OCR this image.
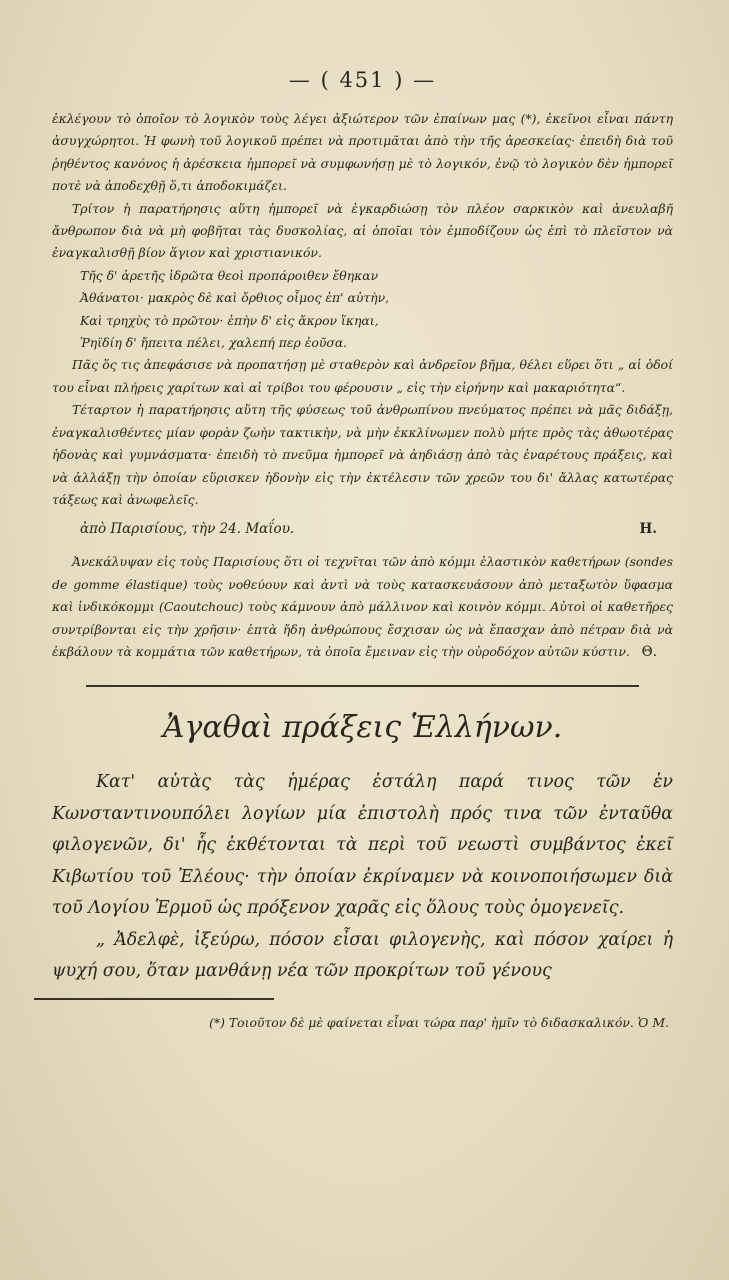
— ( 451 ) —

ἐκλέγουν τὸ ὁποῖον τὸ λογικὸν τοὺς λέγει ἀξιώτερον τῶν ἐπαίνων μας (*), ἐκεῖνοι εἶναι πάντη ἀσυγχώρητοι. Ἡ φωνὴ τοῦ λογικοῦ πρέπει νὰ προτιμᾶται ἀπὸ τὴν τῆς ἀρεσκείας· ἐπειδὴ διὰ τοῦ ῥηθέντος κανόνος ἡ ἀρέσκεια ἠμπορεῖ νὰ συμφωνήσῃ μὲ τὸ λογικόν, ἐνῷ τὸ λογικὸν δὲν ἠμπορεῖ ποτὲ νὰ ἀποδεχθῇ ὅ,τι ἀποδοκιμάζει.

Τρίτον ἡ παρατήρησις αὕτη ἠμπορεῖ νὰ ἐγκαρδιώσῃ τὸν πλέον σαρκικὸν καὶ ἀνευλαβῆ ἄνθρωπον διὰ νὰ μὴ φοβῆται τὰς δυσκολίας, αἱ ὁποῖαι τὸν ἐμποδίζουν ὡς ἐπὶ τὸ πλεῖστον νὰ ἐναγκαλισθῇ βίον ἅγιον καὶ χριστιανικόν.

Τῆς δ' ἀρετῆς ἱδρῶτα θεοὶ προπάροιθεν ἔθηκαν

Ἀθάνατοι· μακρὸς δὲ καὶ ὄρθιος οἶμος ἐπ' αὐτὴν,

Καὶ τρηχὺς τὸ πρῶτον· ἐπὴν δ' εἰς ἄκρον ἵκηαι,

Ῥηϊδίη δ' ἤπειτα πέλει, χαλεπή περ ἐοῦσα.

Πᾶς ὅς τις ἀπεφάσισε νὰ προπατήσῃ μὲ σταθερὸν καὶ ἀνδρεῖον βῆμα, θέλει εὕρει ὅτι „ αἱ ὁδοί του εἶναι πλήρεις χαρίτων καὶ αἱ τρίβοι του φέρουσιν „ εἰς τὴν εἰρήνην καὶ μακαριότητα“.

Τέταρτον ἡ παρατήρησις αὕτη τῆς φύσεως τοῦ ἀνθρωπίνου πνεύματος πρέπει νὰ μᾶς διδάξῃ, ἐναγκαλισθέντες μίαν φορὰν ζωὴν τακτικὴν, νὰ μὴν ἐκκλίνωμεν πολὺ μήτε πρὸς τὰς ἀθωοτέρας ἡδονὰς καὶ γυμνάσματα· ἐπειδὴ τὸ πνεῦμα ἠμπορεῖ νὰ ἀηδιάσῃ ἀπὸ τὰς ἐναρέτους πράξεις, καὶ νὰ ἀλλάξῃ τὴν ὁποίαν εὕρισκεν ἡδονὴν εἰς τὴν ἐκτέλεσιν τῶν χρεῶν του δι' ἄλλας κατωτέρας τάξεως καὶ ἀνωφελεῖς.

ἀπὸ Παρισίους, τὴν 24. Μαΐου.	Η.

Ἀνεκάλυψαν εἰς τοὺς Παρισίους ὅτι οἱ τεχνῖται τῶν ἀπὸ κόμμι ἐλαστικὸν καθετήρων (sondes de gomme élastique) τοὺς νοθεύουν καὶ ἀντὶ νὰ τοὺς κατασκευάσουν ἀπὸ μεταξωτὸν ὕφασμα καὶ ἰνδικόκομμι (Caoutchouc) τοὺς κάμνουν ἀπὸ μάλλινον καὶ κοινὸν κόμμι. Αὐτοὶ οἱ καθετῆρες συντρίβονται εἰς τὴν χρῆσιν· ἑπτὰ ἤδη ἀνθρώπους ἔσχισαν ὡς νὰ ἔπασχαν ἀπὸ πέτραν διὰ νὰ ἐκβάλουν τὰ κομμάτια τῶν καθετήρων, τὰ ὁποῖα ἔμειναν εἰς τὴν οὐροδόχον αὐτῶν κύστιν. Θ.
Ἀγαθαὶ πράξεις Ἑλλήνων.

Κατ' αὐτὰς τὰς ἡμέρας ἐστάλη παρά τινος τῶν ἐν Κωνσταντινουπόλει λογίων μία ἐπιστολὴ πρός τινα τῶν ἐνταῦθα φιλογενῶν, δι' ἧς ἐκθέτονται τὰ περὶ τοῦ νεωστὶ συμβάντος ἐκεῖ Κιβωτίου τοῦ Ἐλέους· τὴν ὁποίαν ἐκρίναμεν νὰ κοινοποιήσωμεν διὰ τοῦ Λογίου Ἑρμοῦ ὡς πρόξενον χαρᾶς εἰς ὅλους τοὺς ὁμογενεῖς.

„ Ἀδελφὲ, ἰξεύρω, πόσον εἶσαι φιλογενὴς, καὶ πόσον χαίρει ἡ ψυχή σου, ὅταν μανθάνῃ νέα τῶν προκρίτων τοῦ γένους

(*) Τοιοῦτον δὲ μὲ φαίνεται εἶναι τώρα παρ' ἡμῖν τὸ διδασκαλικόν. Ὁ Μ.
